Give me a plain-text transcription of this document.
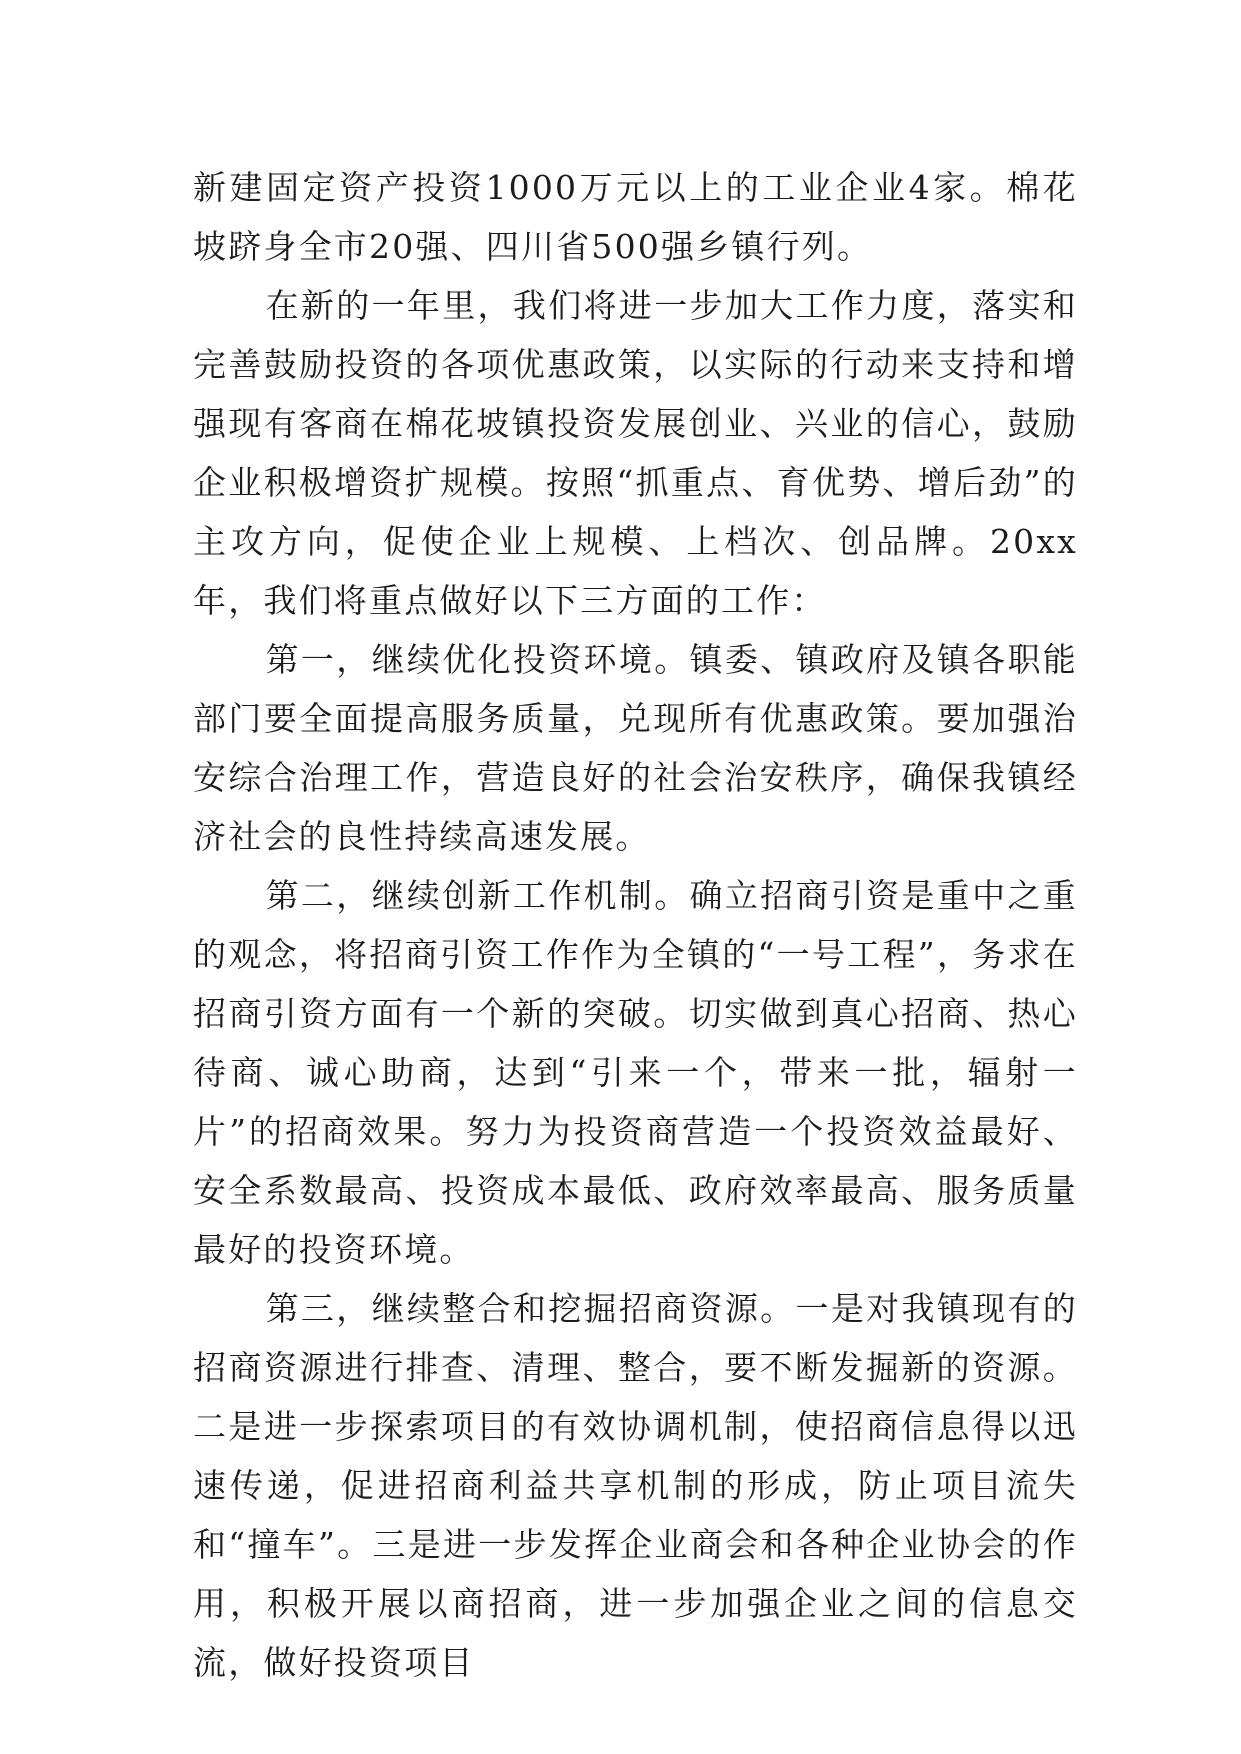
新建固定资产投资1000万元以上的工业企业4家。棉花坡跻身全市20强、四川省500强乡镇行列。

在新的一年里，我们将进一步加大工作力度，落实和完善鼓励投资的各项优惠政策，以实际的行动来支持和增强现有客商在棉花坡镇投资发展创业、兴业的信心，鼓励企业积极增资扩规模。按照“抓重点、育优势、增后劲”的主攻方向，促使企业上规模、上档次、创品牌。20xx年，我们将重点做好以下三方面的工作：

第一，继续优化投资环境。镇委、镇政府及镇各职能部门要全面提高服务质量，兑现所有优惠政策。要加强治安综合治理工作，营造良好的社会治安秩序，确保我镇经济社会的良性持续高速发展。

第二，继续创新工作机制。确立招商引资是重中之重的观念，将招商引资工作作为全镇的“一号工程”，务求在招商引资方面有一个新的突破。切实做到真心招商、热心待商、诚心助商，达到“引来一个，带来一批，辐射一片”的招商效果。努力为投资商营造一个投资效益最好、安全系数最高、投资成本最低、政府效率最高、服务质量最好的投资环境。

第三，继续整合和挖掘招商资源。一是对我镇现有的招商资源进行排查、清理、整合，要不断发掘新的资源。二是进一步探索项目的有效协调机制，使招商信息得以迅速传递，促进招商利益共享机制的形成，防止项目流失和“撞车”。三是进一步发挥企业商会和各种企业协会的作用，积极开展以商招商，进一步加强企业之间的信息交流，做好投资项目
